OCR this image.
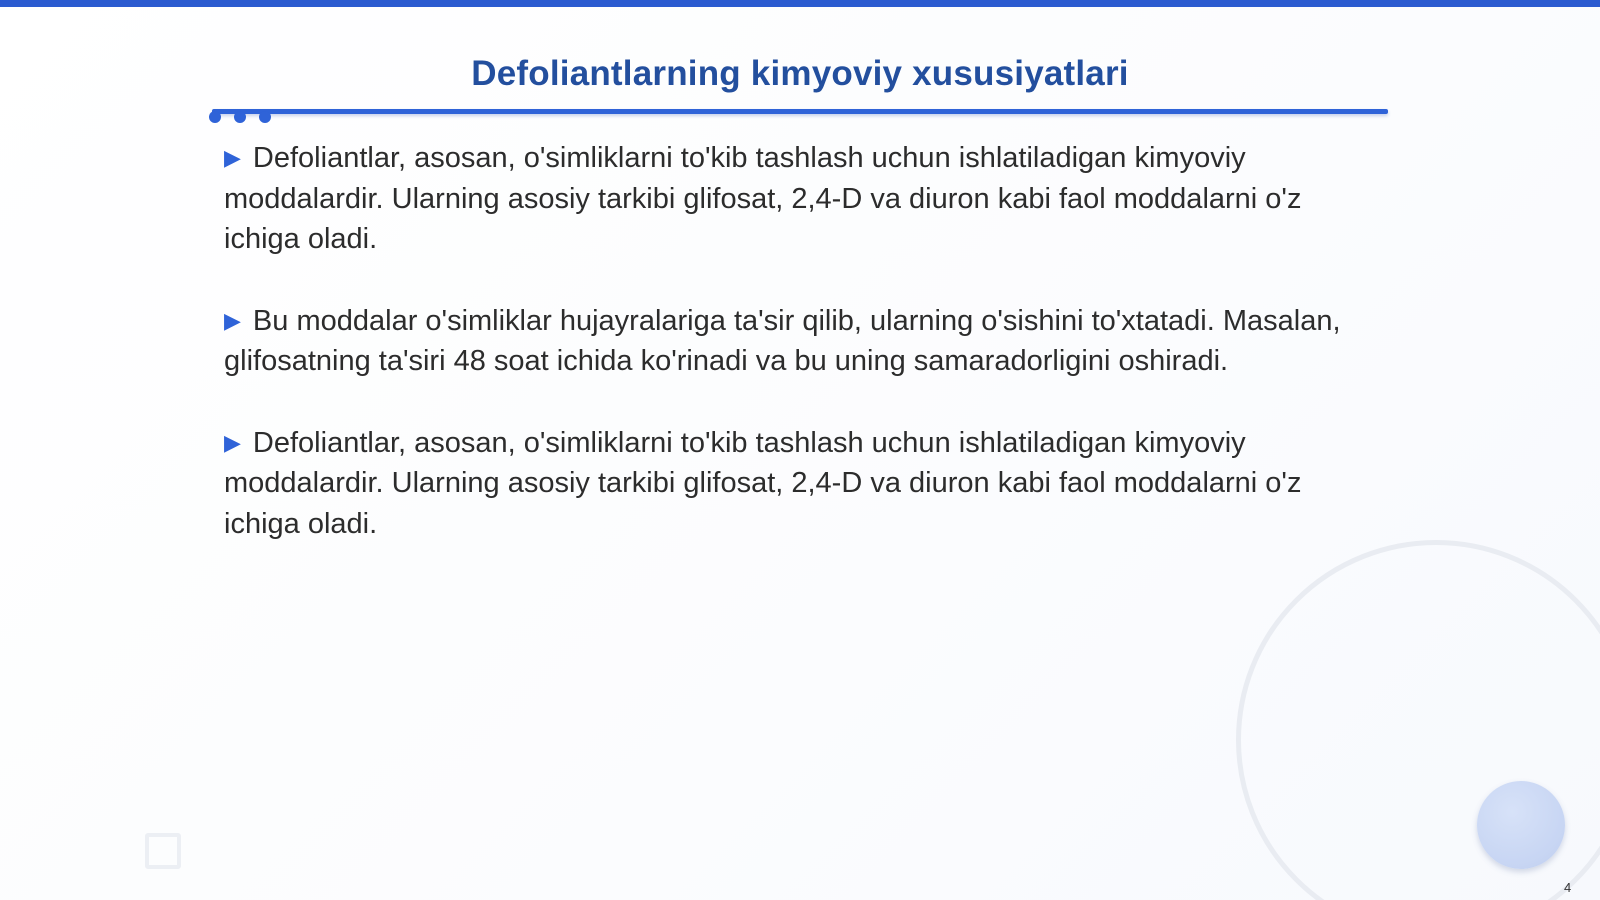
Defoliantlarning kimyoviy xususiyatlari

▶ Defoliantlar, asosan, o'simliklarni to'kib tashlash uchun ishlatiladigan kimyoviy moddalardir. Ularning asosiy tarkibi glifosat, 2,4-D va diuron kabi faol moddalarni o'z ichiga oladi.

▶ Bu moddalar o'simliklar hujayralariga ta'sir qilib, ularning o'sishini to'xtatadi. Masalan, glifosatning ta'siri 48 soat ichida ko'rinadi va bu uning samaradorligini oshiradi.

▶ Defoliantlar, asosan, o'simliklarni to'kib tashlash uchun ishlatiladigan kimyoviy moddalardir. Ularning asosiy tarkibi glifosat, 2,4-D va diuron kabi faol moddalarni o'z ichiga oladi.

4
